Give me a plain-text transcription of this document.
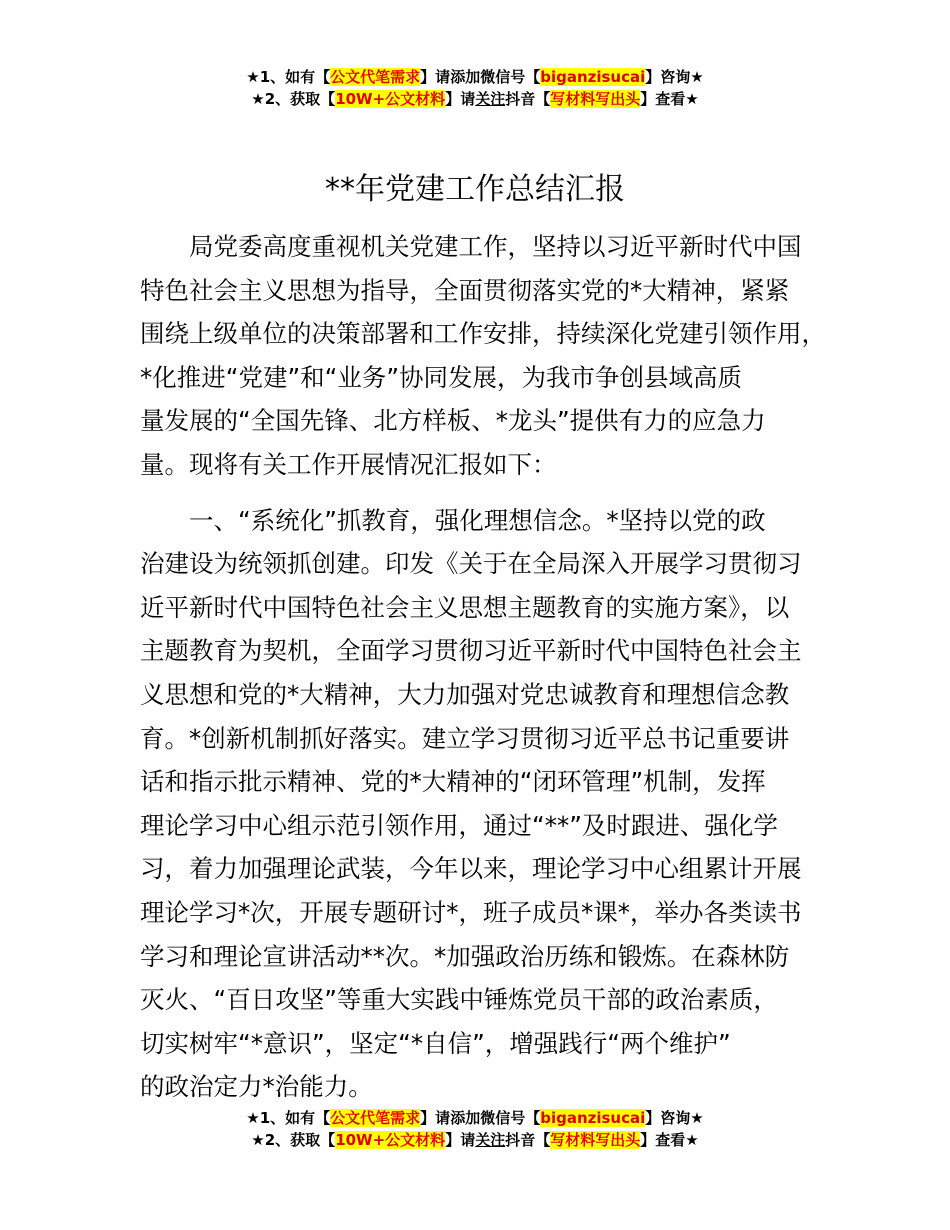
★1、如有【公文代笔需求】请添加微信号【biganzisucai】咨询★
★2、获取【10W+公文材料】请关注抖音【写材料写出头】查看★
**年党建工作总结汇报
局党委高度重视机关党建工作，坚持以习近平新时代中国
特色社会主义思想为指导，全面贯彻落实党的*大精神，紧紧
围绕上级单位的决策部署和工作安排，持续深化党建引领作用，
*化推进“党建”和“业务”协同发展，为我市争创县域高质
量发展的“全国先锋、北方样板、*龙头”提供有力的应急力
量。现将有关工作开展情况汇报如下：
一、“系统化”抓教育，强化理想信念。*坚持以党的政
治建设为统领抓创建。印发《关于在全局深入开展学习贯彻习
近平新时代中国特色社会主义思想主题教育的实施方案》，以
主题教育为契机，全面学习贯彻习近平新时代中国特色社会主
义思想和党的*大精神，大力加强对党忠诚教育和理想信念教
育。*创新机制抓好落实。建立学习贯彻习近平总书记重要讲
话和指示批示精神、党的*大精神的“闭环管理”机制，发挥
理论学习中心组示范引领作用，通过“**”及时跟进、强化学
习，着力加强理论武装，今年以来，理论学习中心组累计开展
理论学习*次，开展专题研讨*，班子成员*课*，举办各类读书
学习和理论宣讲活动**次。*加强政治历练和锻炼。在森林防
灭火、“百日攻坚”等重大实践中锤炼党员干部的政治素质，
切实树牢“*意识”，坚定“*自信”，增强践行“两个维护”
的政治定力*治能力。
★1、如有【公文代笔需求】请添加微信号【biganzisucai】咨询★
★2、获取【10W+公文材料】请关注抖音【写材料写出头】查看★
